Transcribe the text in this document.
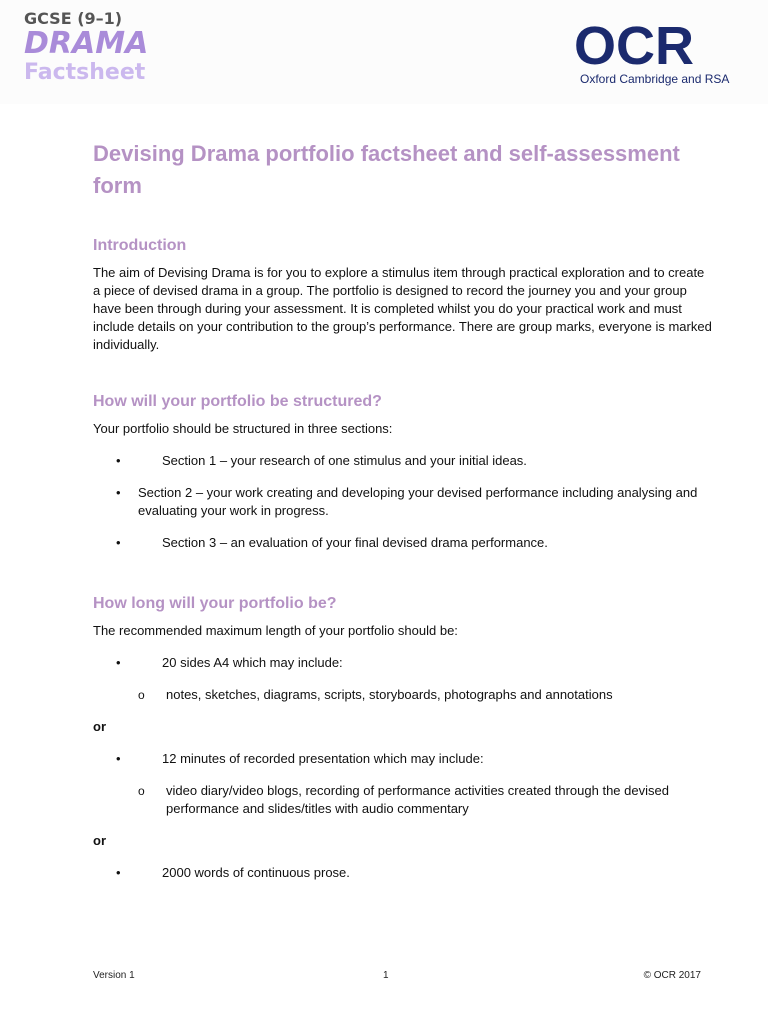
GCSE (9–1)
DRAMA
Factsheet	OCR
Oxford Cambridge and RSA
Devising Drama portfolio factsheet and self-assessment form
Introduction

The aim of Devising Drama is for you to explore a stimulus item through practical exploration and to create a piece of devised drama in a group. The portfolio is designed to record the journey you and your group have been through during your assessment. It is completed whilst you do your practical work and must include details on your contribution to the group’s performance. There are group marks, everyone is marked individually.

How will your portfolio be structured?

Your portfolio should be structured in three sections:

•	Section 1 – your research of one stimulus and your initial ideas.
• Section 2 – your work creating and developing your devised performance including analysing and evaluating your work in progress.
•	Section 3 – an evaluation of your final devised drama performance.
How long will your portfolio be?

The recommended maximum length of your portfolio should be:

•	20 sides A4 which may include:
o notes, sketches, diagrams, scripts, storyboards, photographs and annotations
or
•	12 minutes of recorded presentation which may include:
o video diary/video blogs, recording of performance activities created through the devised performance and slides/titles with audio commentary
or
•	2000 words of continuous prose.
Version 1	1	© OCR 2017
